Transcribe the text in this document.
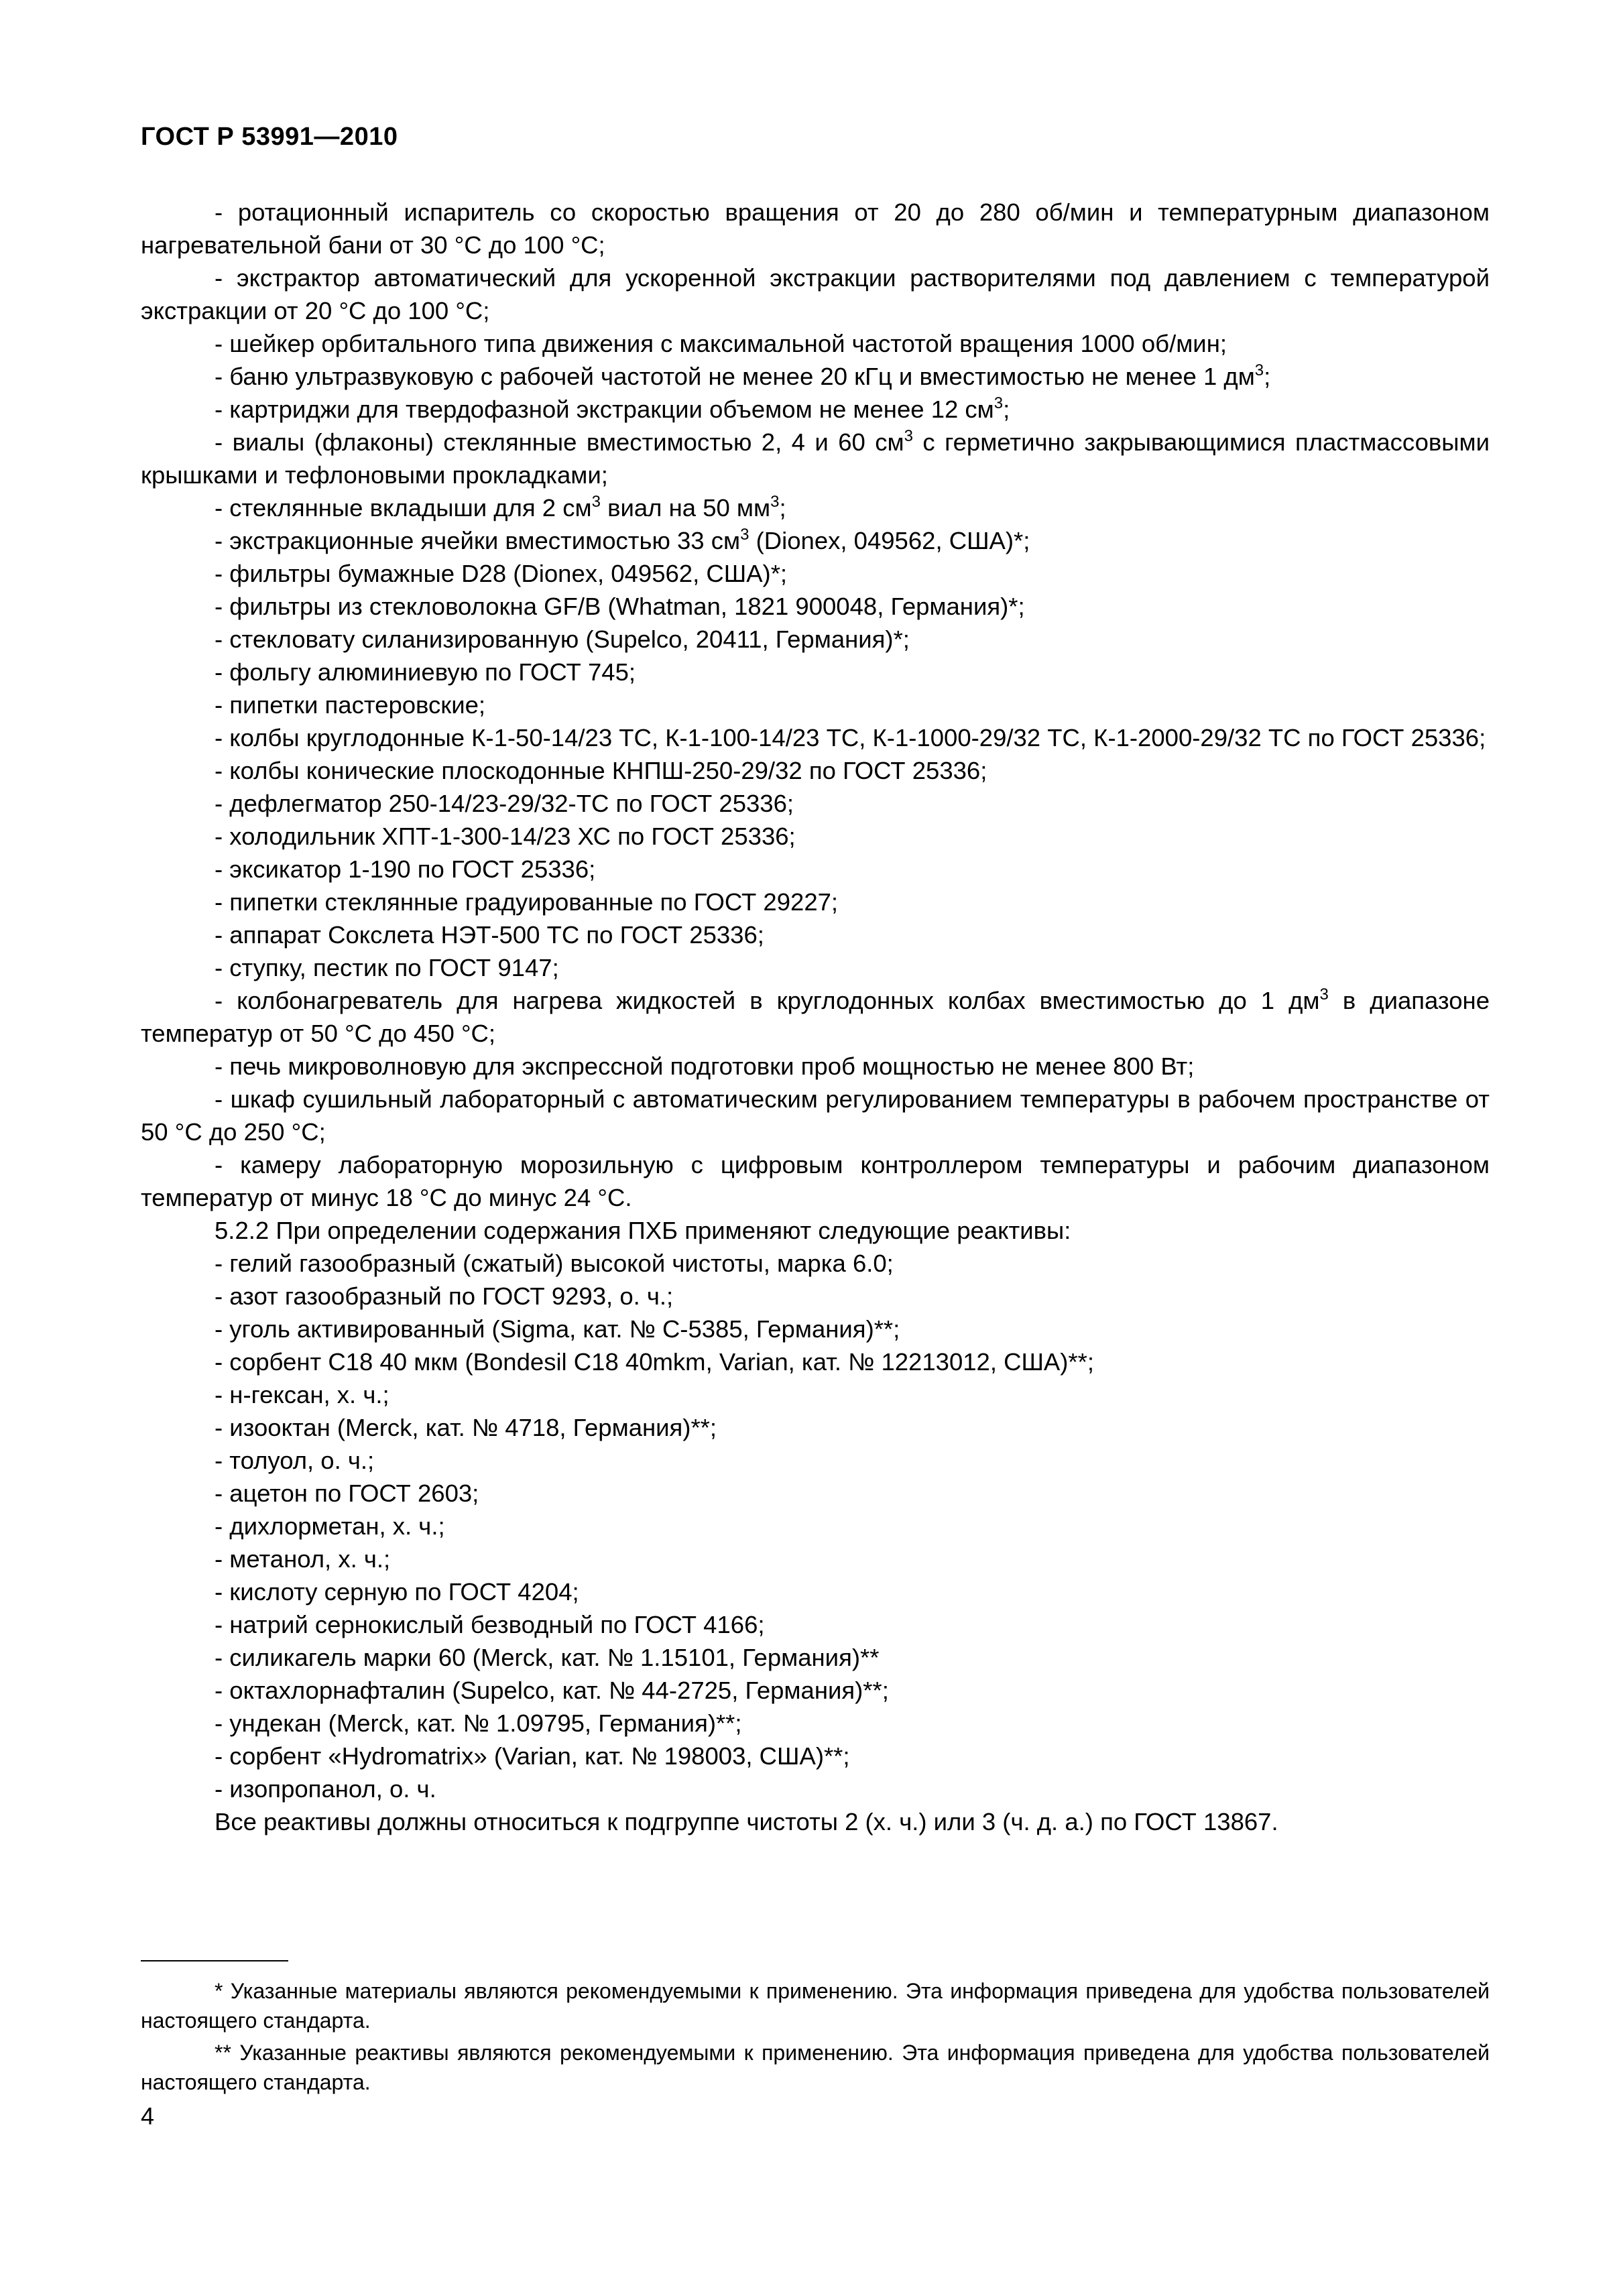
ГОСТ Р 53991—2010

- ротационный испаритель со скоростью вращения от 20 до 280 об/мин и температурным диапазоном нагревательной бани от 30 °С до 100 °С;

- экстрактор автоматический для ускоренной экстракции растворителями под давлением с температурой экстракции от 20 °С до 100 °С;

- шейкер орбитального типа движения с максимальной частотой вращения 1000 об/мин;

- баню ультразвуковую с рабочей частотой не менее 20 кГц и вместимостью не менее 1 $дм^3$;

- картриджи для твердофазной экстракции объемом не менее 12 $см^3$;

- виалы (флаконы) стеклянные вместимостью 2, 4 и 60 $см^3$ с герметично закрывающимися пластмассовыми крышками и тефлоновыми прокладками;

- стеклянные вкладыши для 2 $см^3$ виал на 50 $мм^3$;

- экстракционные ячейки вместимостью 33 $см^3$ (Dionex, 049562, США)*;

- фильтры бумажные D28 (Dionex, 049562, США)*;

- фильтры из стекловолокна GF/B (Whatman, 1821 900048, Германия)*;

- стекловату силанизированную (Supelco, 20411, Германия)*;

- фольгу алюминиевую по ГОСТ 745;

- пипетки пастеровские;

- колбы круглодонные К-1-50-14/23 ТС, К-1-100-14/23 ТС, К-1-1000-29/32 ТС, К-1-2000-29/32 ТС по ГОСТ 25336;

- колбы конические плоскодонные КНПШ-250-29/32 по ГОСТ 25336;

- дефлегматор 250-14/23-29/32-ТС по ГОСТ 25336;

- холодильник ХПТ-1-300-14/23 ХС по ГОСТ 25336;

- эксикатор 1-190 по ГОСТ 25336;

- пипетки стеклянные градуированные по ГОСТ 29227;

- аппарат Сокслета НЭТ-500 ТС по ГОСТ 25336;

- ступку, пестик по ГОСТ 9147;

- колбонагреватель для нагрева жидкостей в круглодонных колбах вместимостью до 1 $дм^3$ в диапазоне температур от 50 °С до 450 °С;

- печь микроволновую для экспрессной подготовки проб мощностью не менее 800 Вт;

- шкаф сушильный лабораторный с автоматическим регулированием температуры в рабочем пространстве от 50 °С до 250 °С;

- камеру лабораторную морозильную с цифровым контроллером температуры и рабочим диапазоном температур от минус 18 °С до минус 24 °С.

5.2.2 При определении содержания ПХБ применяют следующие реактивы:

- гелий газообразный (сжатый) высокой чистоты, марка 6.0;

- азот газообразный по ГОСТ 9293, о. ч.;

- уголь активированный (Sigma, кат. № С-5385, Германия)**;

- сорбент С18 40 мкм (Bondesil C18 40mkm, Varian, кат. № 12213012, США)**;

- н-гексан, х. ч.;

- изооктан (Merck, кат. № 4718, Германия)**;

- толуол, о. ч.;

- ацетон по ГОСТ 2603;

- дихлорметан, х. ч.;

- метанол, х. ч.;

- кислоту серную по ГОСТ 4204;

- натрий сернокислый безводный по ГОСТ 4166;

- силикагель марки 60 (Merck, кат. № 1.15101, Германия)**

- октахлорнафталин (Supelco, кат. № 44-2725, Германия)**;

- ундекан (Merck, кат. № 1.09795, Германия)**;

- сорбент «Hydromatrix» (Varian, кат. № 198003, США)**;

- изопропанол, о. ч.

Все реактивы должны относиться к подгруппе чистоты 2 (х. ч.) или 3 (ч. д. а.) по ГОСТ 13867.

* Указанные материалы являются рекомендуемыми к применению. Эта информация приведена для удобства пользователей настоящего стандарта.

** Указанные реактивы являются рекомендуемыми к применению. Эта информация приведена для удобства пользователей настоящего стандарта.

4
